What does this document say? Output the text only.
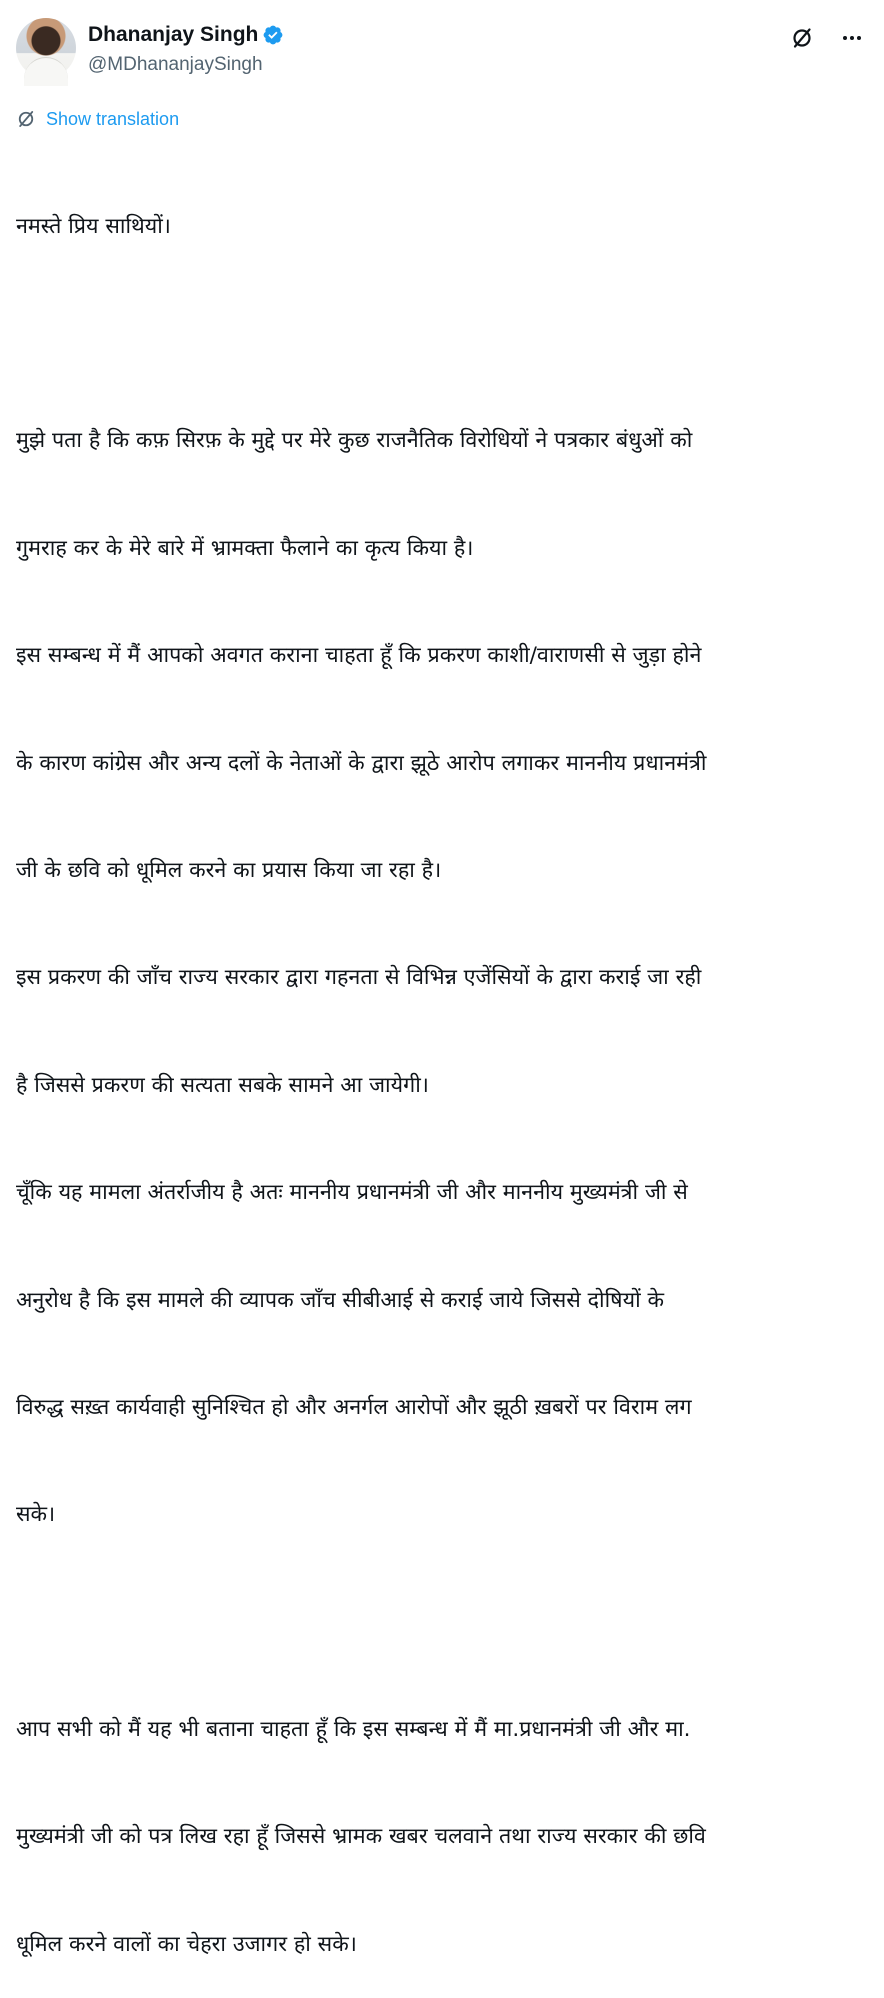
Dhananjay Singh
@MDhananjaySingh
Show translation

नमस्ते प्रिय साथियों।

मुझे पता है कि कफ़ सिरफ़ के मुद्दे पर मेरे कुछ राजनैतिक विरोधियों ने पत्रकार बंधुओं को

गुमराह कर के मेरे बारे में भ्रामक्ता फैलाने का कृत्य किया है।

इस सम्बन्ध में मैं आपको अवगत कराना चाहता हूँ कि प्रकरण काशी/वाराणसी से जुड़ा होने

के कारण कांग्रेस और अन्य दलों के नेताओं के द्वारा झूठे आरोप लगाकर माननीय प्रधानमंत्री

जी के छवि को धूमिल करने का प्रयास किया जा रहा है।

इस प्रकरण की जाँच राज्य सरकार द्वारा गहनता से विभिन्न एजेंसियों के द्वारा कराई जा रही

है जिससे प्रकरण की सत्यता सबके सामने आ जायेगी।

चूँकि यह मामला अंतर्राजीय है अतः माननीय प्रधानमंत्री जी और माननीय मुख्यमंत्री जी से

अनुरोध है कि इस मामले की व्यापक जाँच सीबीआई से कराई जाये जिससे दोषियों के

विरुद्ध सख़्त कार्यवाही सुनिश्चित हो और अनर्गल आरोपों और झूठी ख़बरों पर विराम लग

सके।

आप सभी को मैं यह भी बताना चाहता हूँ कि इस सम्बन्ध में मैं मा.प्रधानमंत्री जी और मा.

मुख्यमंत्री जी को पत्र लिख रहा हूँ जिससे भ्रामक खबर चलवाने तथा राज्य सरकार की छवि

धूमिल करने वालों का चेहरा उजागर हो सके।
